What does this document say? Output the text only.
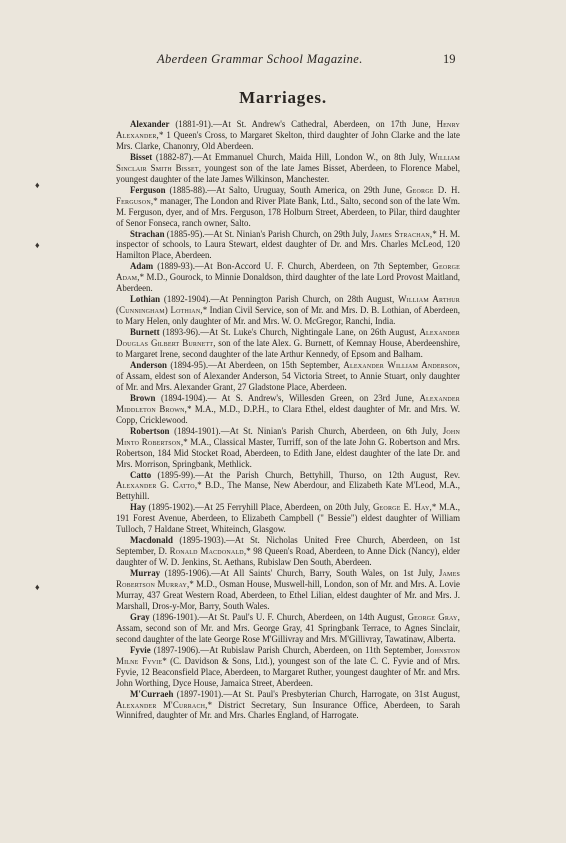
Aberdeen Grammar School Magazine.	19
Marriages.

Alexander (1881-91).—At St. Andrew's Cathedral, Aberdeen, on 17th June, Henry Alexander,* 1 Queen's Cross, to Margaret Skelton, third daughter of John Clarke and the late Mrs. Clarke, Chanonry, Old Aberdeen.

Bisset (1882-87).—At Emmanuel Church, Maida Hill, London W., on 8th July, William Sinclair Smith Bisset, youngest son of the late James Bisset, Aberdeen, to Florence Mabel, youngest daughter of the late James Wilkinson, Manchester.

Ferguson (1885-88).—At Salto, Uruguay, South America, on 29th June, George D. H. Ferguson,* manager, The London and River Plate Bank, Ltd., Salto, second son of the late Wm. M. Ferguson, dyer, and of Mrs. Ferguson, 178 Holburn Street, Aberdeen, to Pilar, third daughter of Senor Fonseca, ranch owner, Salto.

Strachan (1885-95).—At St. Ninian's Parish Church, on 29th July, James Strachan,* H. M. inspector of schools, to Laura Stewart, eldest daughter of Dr. and Mrs. Charles McLeod, 120 Hamilton Place, Aberdeen.

Adam (1889-93).—At Bon-Accord U. F. Church, Aberdeen, on 7th September, George Adam,* M.D., Gourock, to Minnie Donaldson, third daughter of the late Lord Provost Maitland, Aberdeen.

Lothian (1892-1904).—At Pennington Parish Church, on 28th August, William Arthur (Cunningham) Lothian,* Indian Civil Service, son of Mr. and Mrs. D. B. Lothian, of Aberdeen, to Mary Helen, only daughter of Mr. and Mrs. W. O. McGregor, Ranchi, India.

Burnett (1893-96).—At St. Luke's Church, Nightingale Lane, on 26th August, Alexander Douglas Gilbert Burnett, son of the late Alex. G. Burnett, of Kemnay House, Aberdeenshire, to Margaret Irene, second daughter of the late Arthur Kennedy, of Epsom and Balham.

Anderson (1894-95).—At Aberdeen, on 15th September, Alexander William Anderson, of Assam, eldest son of Alexander Anderson, 54 Victoria Street, to Annie Stuart, only daughter of Mr. and Mrs. Alexander Grant, 27 Gladstone Place, Aberdeen.

Brown (1894-1904).— At S. Andrew's, Willesden Green, on 23rd June, Alexander Middleton Brown,* M.A., M.D., D.P.H., to Clara Ethel, eldest daughter of Mr. and Mrs. W. Copp, Cricklewood.

Robertson (1894-1901).—At St. Ninian's Parish Church, Aberdeen, on 6th July, John Minto Robertson,* M.A., Classical Master, Turriff, son of the late John G. Robertson and Mrs. Robertson, 184 Mid Stocket Road, Aberdeen, to Edith Jane, eldest daughter of the late Dr. and Mrs. Morrison, Springbank, Methlick.

Catto (1895-99).—At the Parish Church, Bettyhill, Thurso, on 12th August, Rev. Alexander G. Catto,* B.D., The Manse, New Aberdour, and Elizabeth Kate M'Leod, M.A., Bettyhill.

Hay (1895-1902).—At 25 Ferryhill Place, Aberdeen, on 20th July, George E. Hay,* M.A., 191 Forest Avenue, Aberdeen, to Elizabeth Campbell (" Bessie") eldest daughter of William Tulloch, 7 Haldane Street, Whiteinch, Glasgow.

Macdonald (1895-1903).—At St. Nicholas United Free Church, Aberdeen, on 1st September, D. Ronald Macdonald,* 98 Queen's Road, Aberdeen, to Anne Dick (Nancy), elder daughter of W. D. Jenkins, St. Aethans, Rubislaw Den South, Aberdeen.

Murray (1895-1906).—At All Saints' Church, Barry, South Wales, on 1st July, James Robertson Murray,* M.D., Osman House, Muswell-hill, London, son of Mr. and Mrs. A. Lovie Murray, 437 Great Western Road, Aberdeen, to Ethel Lilian, eldest daughter of Mr. and Mrs. J. Marshall, Dros-y-Mor, Barry, South Wales.

Gray (1896-1901).—At St. Paul's U. F. Church, Aberdeen, on 14th August, George Gray, Assam, second son of Mr. and Mrs. George Gray, 41 Springbank Terrace, to Agnes Sinclair, second daughter of the late George Rose M'Gillivray and Mrs. M'Gillivray, Tawatinaw, Alberta.

Fyvie (1897-1906).—At Rubislaw Parish Church, Aberdeen, on 11th September, Johnston Milne Fyvie* (C. Davidson & Sons, Ltd.), youngest son of the late C. C. Fyvie and of Mrs. Fyvie, 12 Beaconsfield Place, Aberdeen, to Margaret Ruther, youngest daughter of Mr. and Mrs. John Worthing, Dyce House, Jamaica Street, Aberdeen.

M'Curraeh (1897-1901).—At St. Paul's Presbyterian Church, Harrogate, on 31st August, Alexander M'Currach,* District Secretary, Sun Insurance Office, Aberdeen, to Sarah Winnifred, daughter of Mr. and Mrs. Charles England, of Harrogate.

♦
♦
♦
